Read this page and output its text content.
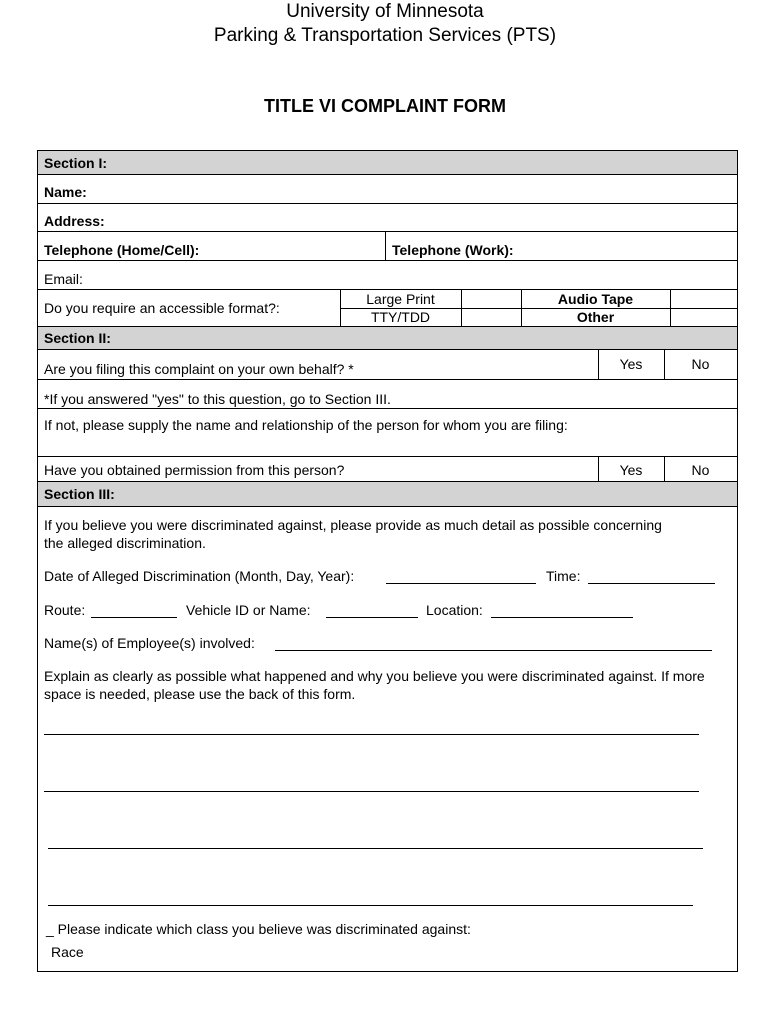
University of Minnesota
Parking & Transportation Services (PTS)
TITLE VI COMPLAINT FORM
Section I:
Name:
Address:
Telephone (Home/Cell):	Telephone (Work):
Email:
Do you require an accessible format?:
Large Print	Audio Tape
TTY/TDD	Other
Section II:
Are you filing this complaint on your own behalf? *	Yes	No
*If you answered "yes" to this question, go to Section III.
If not, please supply the name and relationship of the person for whom you are filing:
Have you obtained permission from this person?	Yes	No
Section III:
If you believe you were discriminated against, please provide as much detail as possible concerning the alleged discrimination.
Date of Alleged Discrimination (Month, Day, Year):	Time:
Route:	Vehicle ID or Name:	Location:
Name(s) of Employee(s) involved:
Explain as clearly as possible what happened and why you believe you were discriminated against. If more space is needed, please use the back of this form.
_ Please indicate which class you believe was discriminated against:
Race
